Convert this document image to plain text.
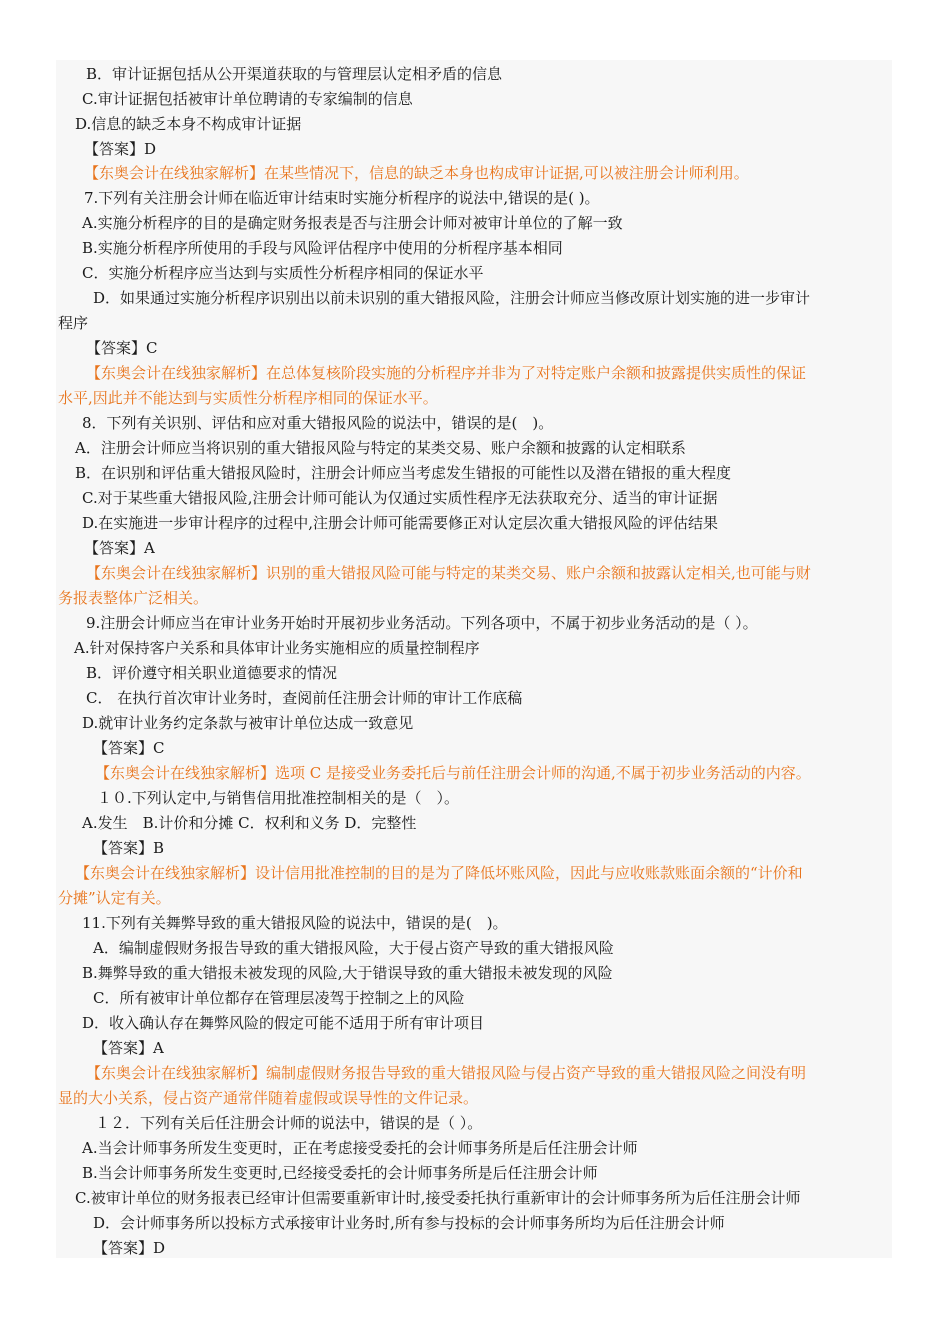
B．审计证据包括从公开渠道获取的与管理层认定相矛盾的信息
C.审计证据包括被审计单位聘请的专家编制的信息
D.信息的缺乏本身不构成审计证据
【答案】D
【东奥会计在线独家解析】在某些情况下，信息的缺乏本身也构成审计证据,可以被注册会计师利用。
7.下列有关注册会计师在临近审计结束时实施分析程序的说法中,错误的是( )。
A.实施分析程序的目的是确定财务报表是否与注册会计师对被审计单位的了解一致
B.实施分析程序所使用的手段与风险评估程序中使用的分析程序基本相同
C．实施分析程序应当达到与实质性分析程序相同的保证水平
D．如果通过实施分析程序识别出以前未识别的重大错报风险，注册会计师应当修改原计划实施的进一步审计
程序
【答案】C
【东奥会计在线独家解析】在总体复核阶段实施的分析程序并非为了对特定账户余额和披露提供实质性的保证
水平,因此并不能达到与实质性分析程序相同的保证水平。
8．下列有关识别、评估和应对重大错报风险的说法中，错误的是(　)。
A．注册会计师应当将识别的重大错报风险与特定的某类交易、账户余额和披露的认定相联系
B．在识别和评估重大错报风险时，注册会计师应当考虑发生错报的可能性以及潜在错报的重大程度
C.对于某些重大错报风险,注册会计师可能认为仅通过实质性程序无法获取充分、适当的审计证据
D.在实施进一步审计程序的过程中,注册会计师可能需要修正对认定层次重大错报风险的评估结果
【答案】A
【东奥会计在线独家解析】识别的重大错报风险可能与特定的某类交易、账户余额和披露认定相关,也可能与财
务报表整体广泛相关。
9.注册会计师应当在审计业务开始时开展初步业务活动。下列各项中，不属于初步业务活动的是（ ）。
A.针对保持客户关系和具体审计业务实施相应的质量控制程序
B．评价遵守相关职业道德要求的情况
C． 在执行首次审计业务时，查阅前任注册会计师的审计工作底稿
D.就审计业务约定条款与被审计单位达成一致意见
【答案】C
【东奥会计在线独家解析】选项 C 是接受业务委托后与前任注册会计师的沟通,不属于初步业务活动的内容。
１０.下列认定中,与销售信用批准控制相关的是（　）。
A.发生　B.计价和分摊 C．权利和义务 D．完整性
【答案】B
【东奥会计在线独家解析】设计信用批准控制的目的是为了降低坏账风险，因此与应收账款账面余额的“计价和
分摊”认定有关。
11.下列有关舞弊导致的重大错报风险的说法中，错误的是(　)。
A．编制虚假财务报告导致的重大错报风险，大于侵占资产导致的重大错报风险
B.舞弊导致的重大错报未被发现的风险,大于错误导致的重大错报未被发现的风险
C．所有被审计单位都存在管理层凌驾于控制之上的风险
D．收入确认存在舞弊风险的假定可能不适用于所有审计项目
【答案】A
【东奥会计在线独家解析】编制虚假财务报告导致的重大错报风险与侵占资产导致的重大错报风险之间没有明
显的大小关系，侵占资产通常伴随着虚假或误导性的文件记录。
１２．下列有关后任注册会计师的说法中，错误的是（ ）。
A.当会计师事务所发生变更时，正在考虑接受委托的会计师事务所是后任注册会计师
B.当会计师事务所发生变更时,已经接受委托的会计师事务所是后任注册会计师
C.被审计单位的财务报表已经审计但需要重新审计时,接受委托执行重新审计的会计师事务所为后任注册会计师
D．会计师事务所以投标方式承接审计业务时,所有参与投标的会计师事务所均为后任注册会计师
【答案】D
